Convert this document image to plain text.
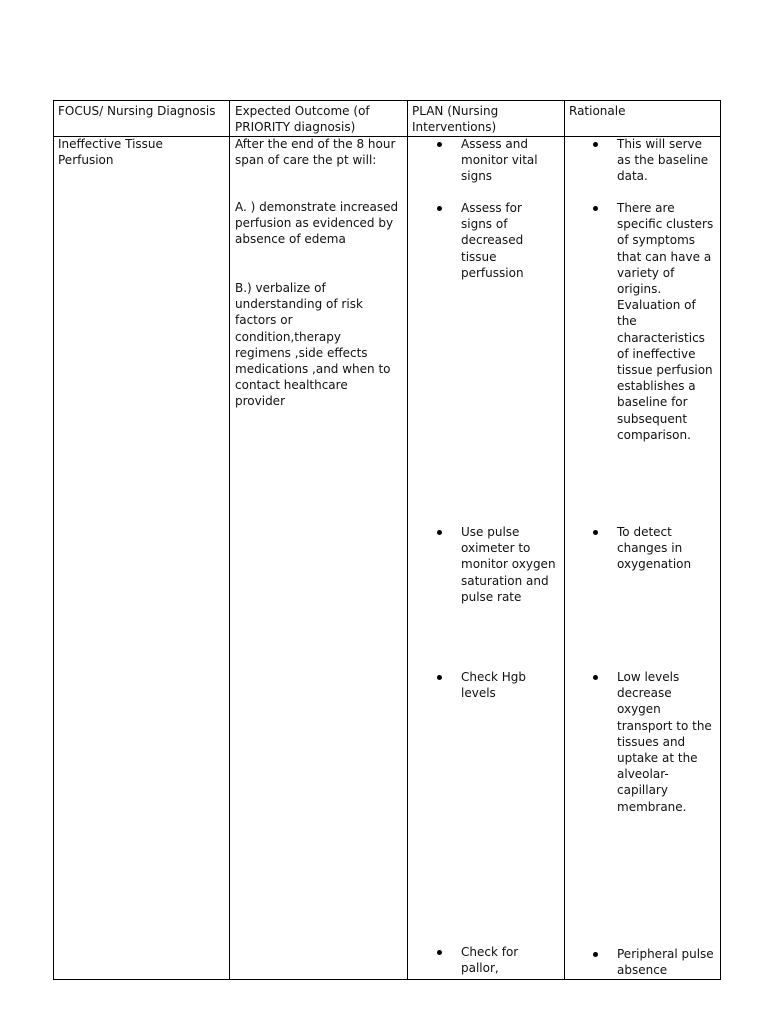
FOCUS/ Nursing Diagnosis Expected Outcome (of PRIORITY diagnosis)
PLAN (Nursing Interventions)
Rationale
Ineffective Tissue Perfusion
After the end of the 8 hour span of care the pt will:
A. ) demonstrate increased perfusion as evidenced by absence of edema
B.) verbalize of understanding of risk factors or condition,therapy regimens ,side effects medications ,and when to contact healthcare provider
Assess and monitor vital signs
Assess for signs of decreased tissue perfussion
Use pulse oximeter to monitor oxygen saturation and pulse rate
Check Hgb levels
Check for pallor,
This will serve as the baseline data.
There are specific clusters of symptoms that can have a variety of origins. Evaluation of the characteristics of ineffective tissue perfusion establishes a baseline for subsequent comparison.
To detect changes in oxygenation
Low levels decrease oxygen transport to the tissues and uptake at the alveolar-capillary membrane.
Peripheral pulse absence
